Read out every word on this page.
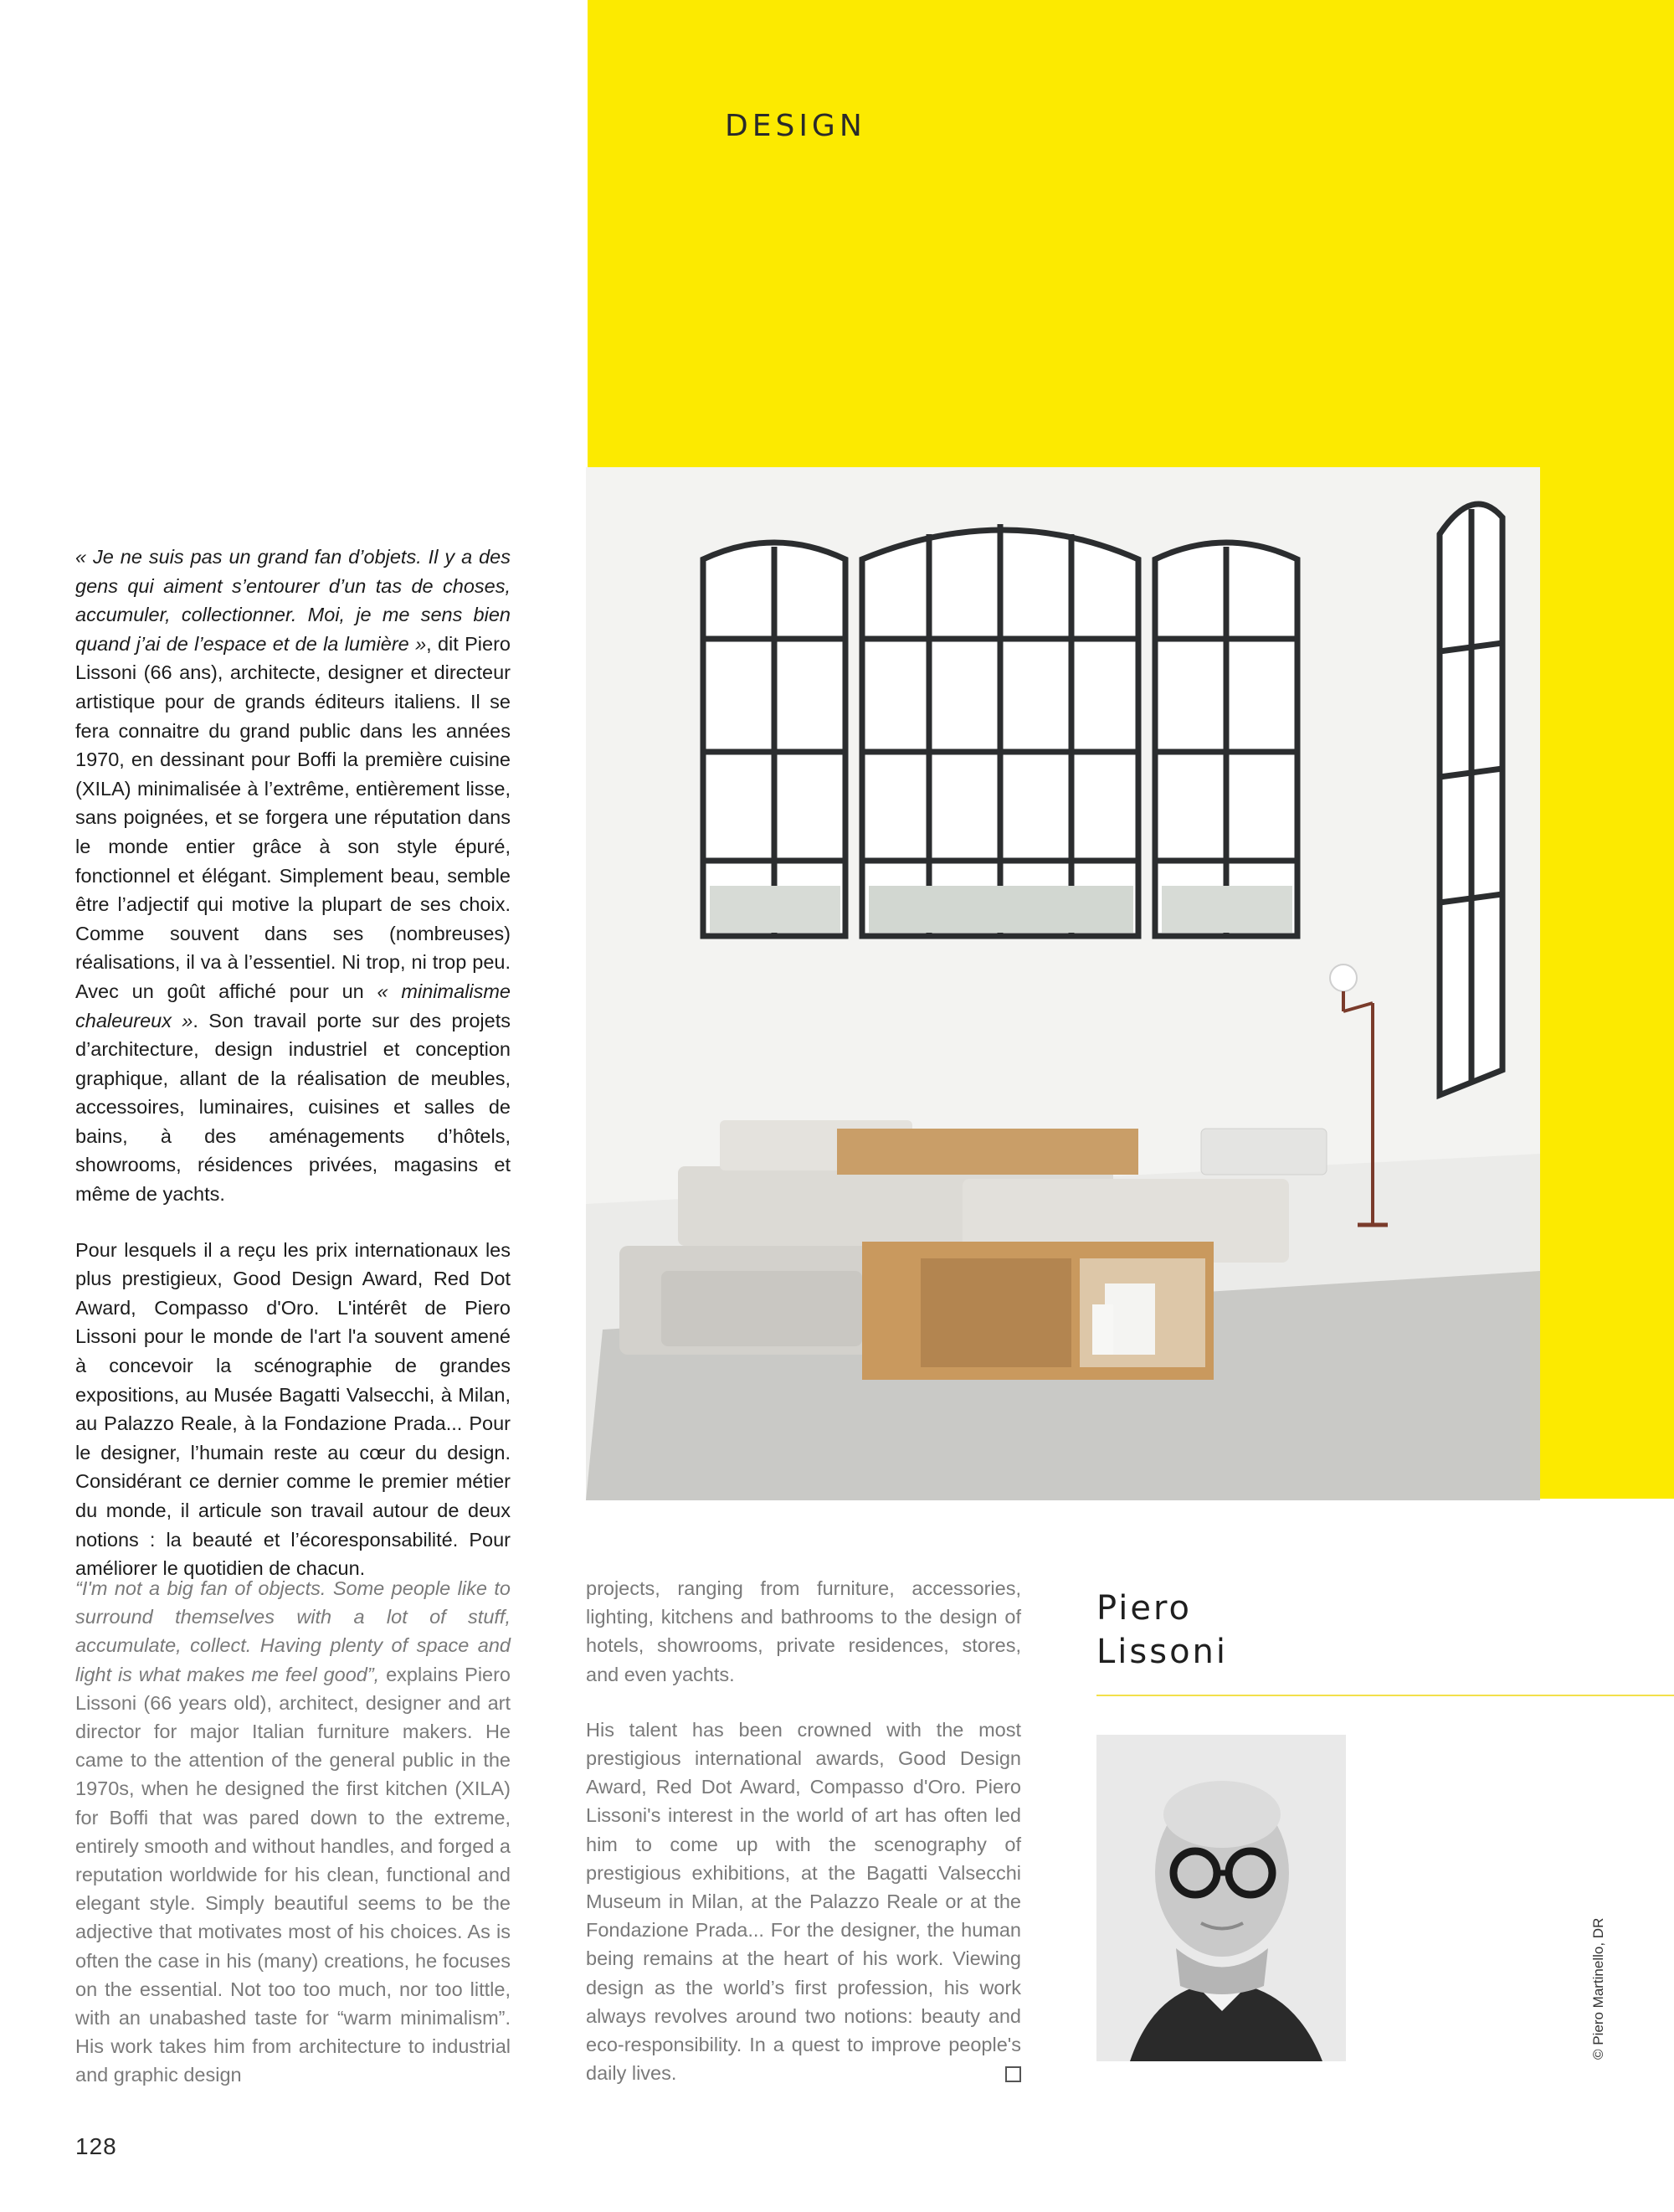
DESIGN

« Je ne suis pas un grand fan d’objets. Il y a des gens qui aiment s’entourer d’un tas de choses, accumuler, collectionner. Moi, je me sens bien quand j’ai de l’espace et de la lumière », dit Piero Lissoni (66 ans), architecte, designer et directeur artistique pour de grands éditeurs italiens. Il se fera connaitre du grand public dans les années 1970, en dessinant pour Boffi la première cuisine (XILA) minimalisée à l’extrême, entièrement lisse, sans poignées, et se forgera une réputation dans le monde entier grâce à son style épuré, fonctionnel et élégant. Simplement beau, semble être l’adjectif qui motive la plupart de ses choix. Comme souvent dans ses (nombreuses) réalisations, il va à l’essentiel. Ni trop, ni trop peu. Avec un goût affiché pour un « minimalisme chaleureux ». Son travail porte sur des projets d’architecture, design industriel et conception graphique, allant de la réalisation de meubles, accessoires, luminaires, cuisines et salles de bains, à des aménagements d’hôtels, showrooms, résidences privées, magasins et même de yachts.

Pour lesquels il a reçu les prix internationaux les plus prestigieux, Good Design Award, Red Dot Award, Compasso d'Oro. L'intérêt de Piero Lissoni pour le monde de l'art l'a souvent amené à concevoir la scénographie de grandes expositions, au Musée Bagatti Valsecchi, à Milan, au Palazzo Reale, à la Fondazione Prada... Pour le designer, l’humain reste au cœur du design. Considérant ce dernier comme le premier métier du monde, il articule son travail autour de deux notions : la beauté et l’écoresponsabilité. Pour améliorer le quotidien de chacun.

“I'm not a big fan of objects. Some people like to surround themselves with a lot of stuff, accumulate, collect. Having plenty of space and light is what makes me feel good”, explains Piero Lissoni (66 years old), architect, designer and art director for major Italian furniture makers. He came to the attention of the general public in the 1970s, when he designed the first kitchen (XILA) for Boffi that was pared down to the extreme, entirely smooth and without handles, and forged a reputation worldwide for his clean, functional and elegant style. Simply beautiful seems to be the adjective that motivates most of his choices. As is often the case in his (many) creations, he focuses on the essential. Not too too much, nor too little, with an unabashed taste for “warm minimalism”. His work takes him from architecture to industrial and graphic design

projects, ranging from furniture, accessories, lighting, kitchens and bathrooms to the design of hotels, showrooms, private residences, stores, and even yachts.

His talent has been crowned with the most prestigious international awards, Good Design Award, Red Dot Award, Compasso d'Oro. Piero Lissoni's interest in the world of art has often led him to come up with the scenography of prestigious exhibitions, at the Bagatti Valsecchi Museum in Milan, at the Palazzo Reale or at the Fondazione Prada... For the designer, the human being remains at the heart of his work. Viewing design as the world’s first profession, his work always revolves around two notions: beauty and eco-responsibility. In a quest to improve people's daily lives.

Piero
Lissoni
© Piero Martinello, DR
128
